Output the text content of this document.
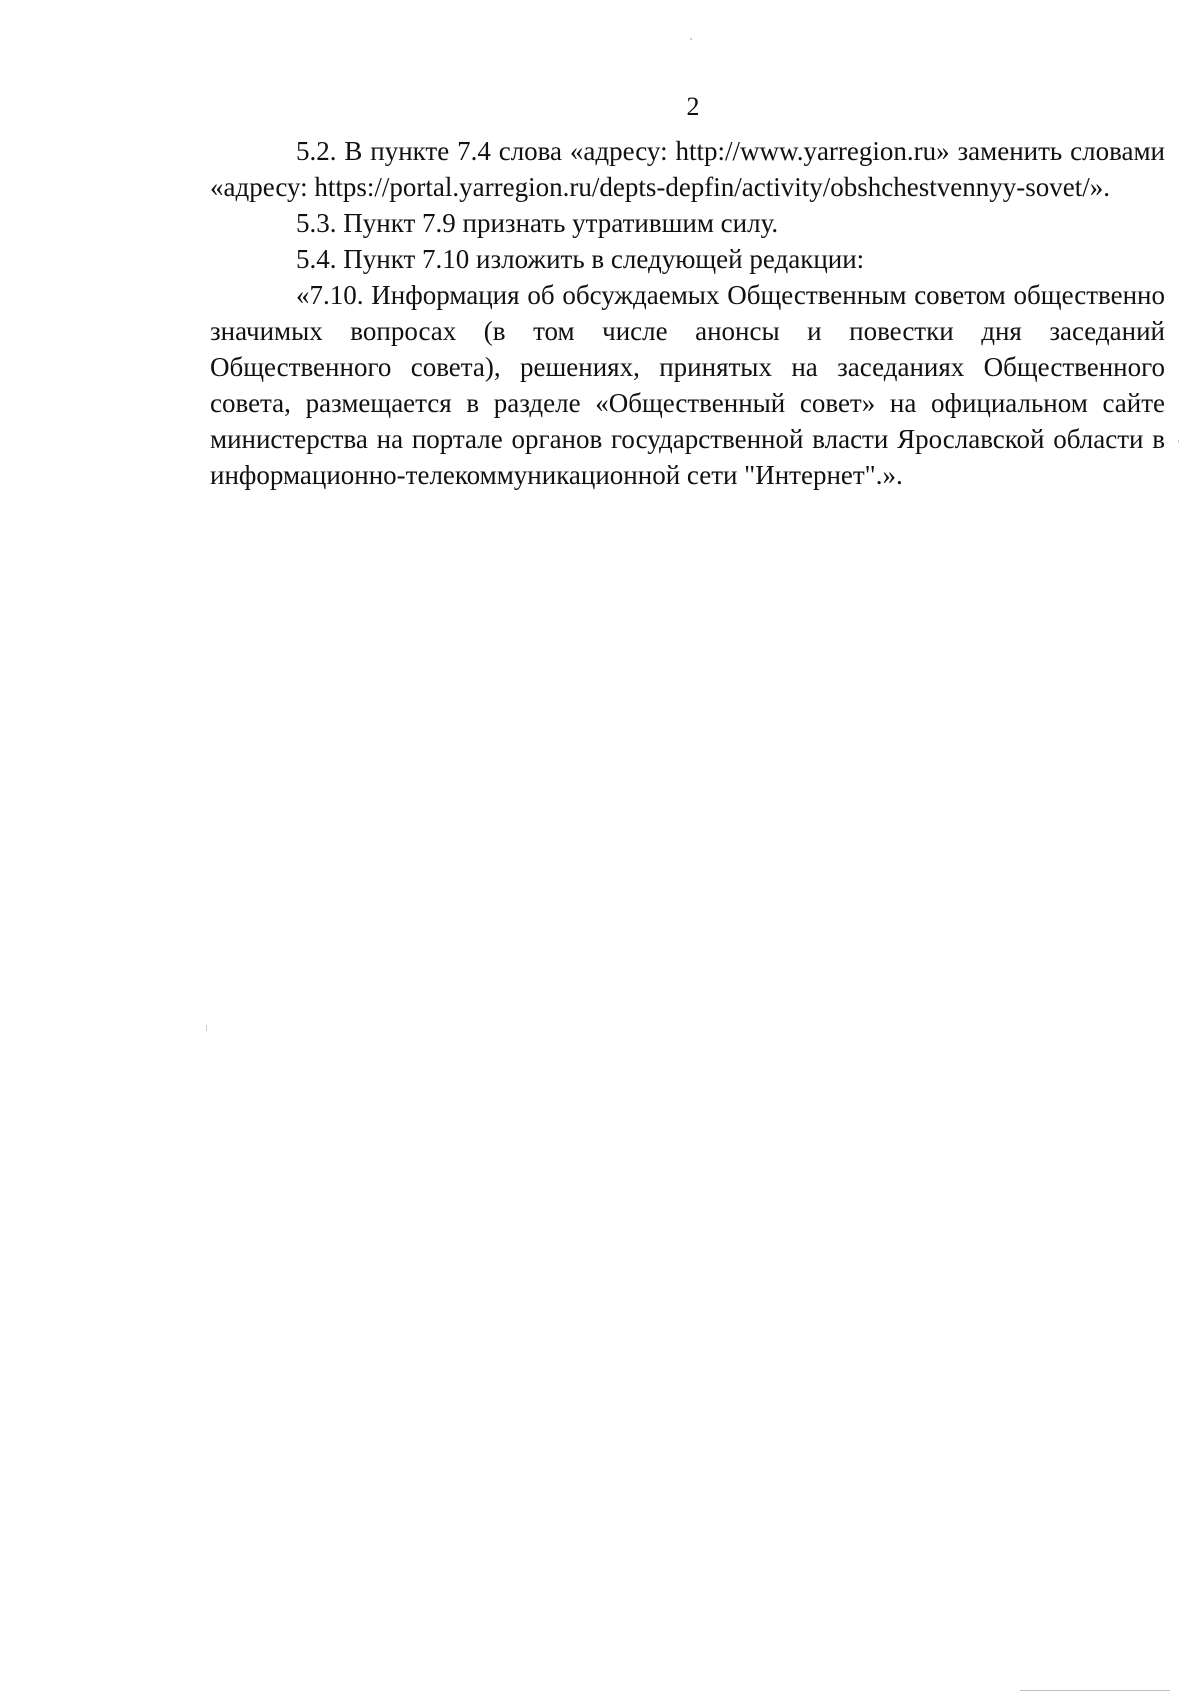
2

5.2. В пункте 7.4 слова «адресу: http://www.yarregion.ru» заменить словами «адресу: https://portal.yarregion.ru/depts-depfin/activity/obshchestvennyy-sovet/».

5.3. Пункт 7.9 признать утратившим силу.

5.4. Пункт 7.10 изложить в следующей редакции:

«7.10. Информация об обсуждаемых Общественным советом общественно значимых вопросах (в том числе анонсы и повестки дня заседаний Общественного совета), решениях, принятых на заседаниях Общественного совета, размещается в разделе «Общественный совет» на официальном сайте министерства на портале органов государственной власти Ярославской области в информационно-телекоммуникационной сети "Интернет".».
